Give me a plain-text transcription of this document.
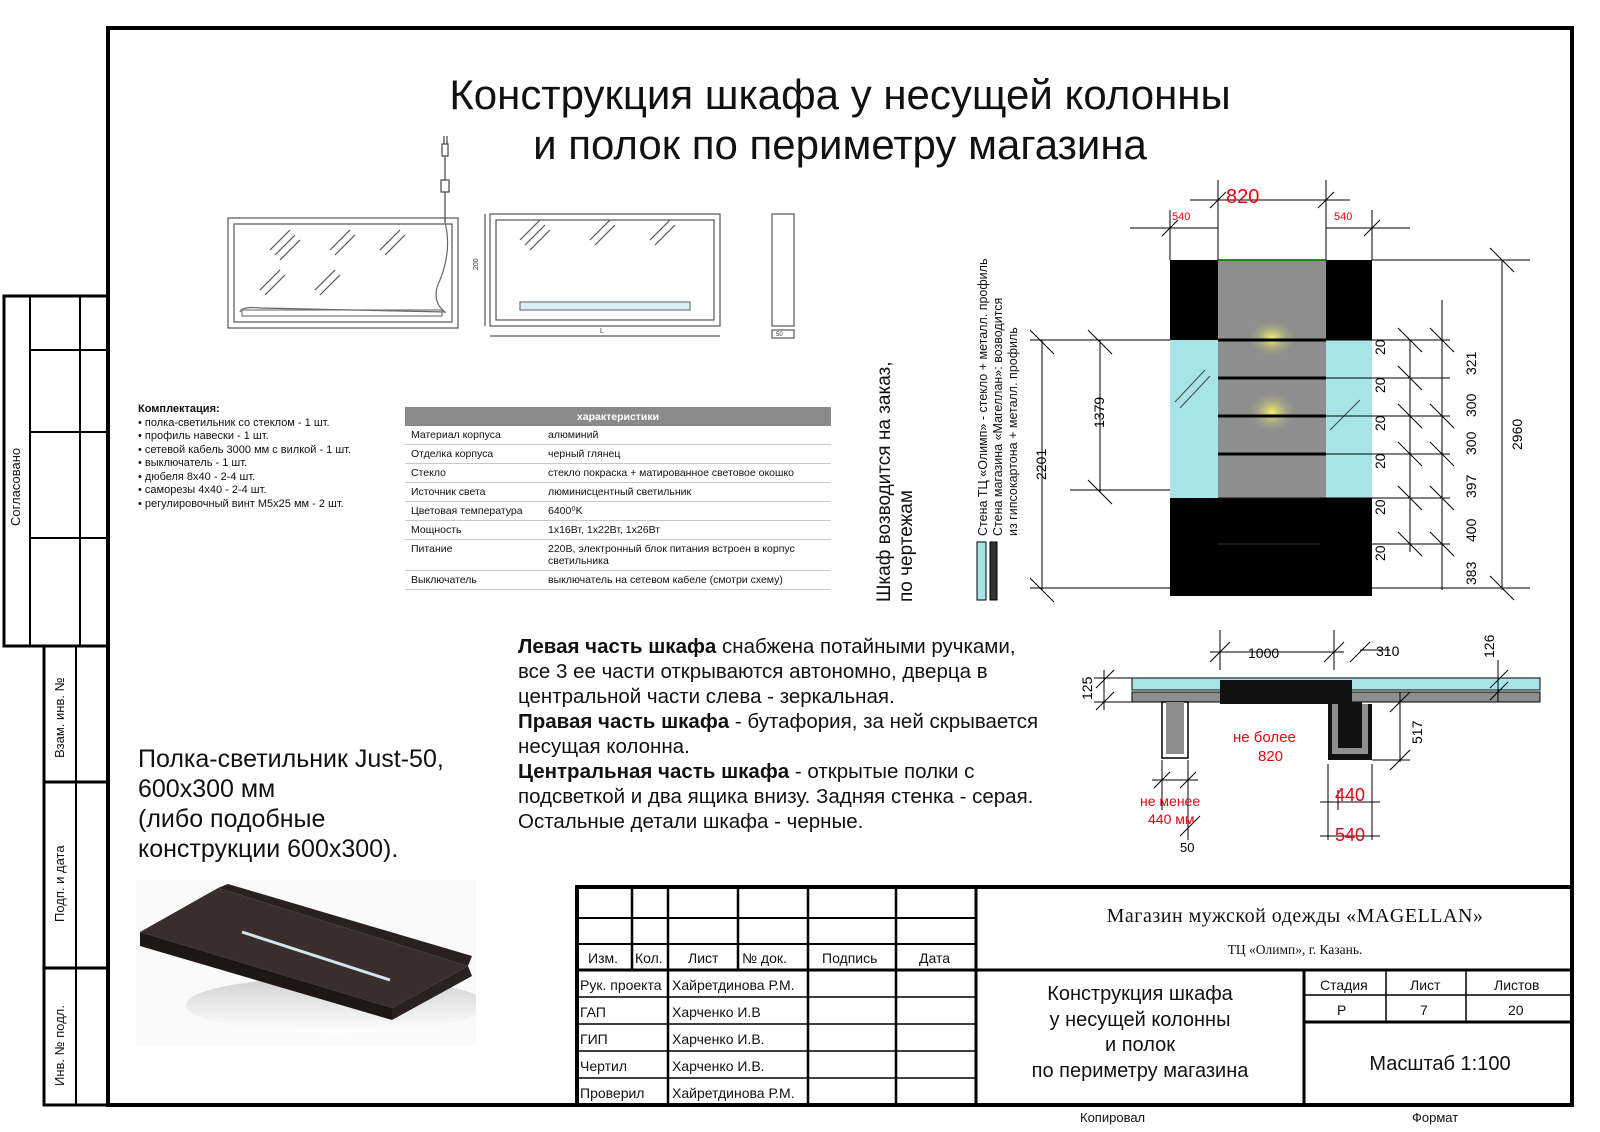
Конструкция шкафа у несущей колонны
и полок по периметру магазина
200
L	50
Комплектация:
• полка-светильник со стеклом - 1 шт.
• профиль навески - 1 шт.
• сетевой кабель 3000 мм с вилкой - 1 шт.
• выключатель - 1 шт.
• дюбеля 8x40 - 2-4 шт.
• саморезы 4x40 - 2-4 шт.
• регулировочный винт М5x25 мм - 2 шт.
характеристики	
Материал корпуса	алюминий
Отделка корпуса	черный глянец
Стекло	стекло покраска + матированное световое окошко
Источник света	люминисцентный светильник
Цветовая температура	6400⁰K
Мощность	1x16Вт, 1x22Вт, 1x26Вт
Питание	220В, электронный блок питания встроен в корпус светильника
Выключатель	выключатель на сетевом кабеле (смотри схему)	Шкаф возводится на заказ, по чертежам
Стена ТЦ «Олимп» - стекло + металл. профиль Стена магазина «Магеллан»: возводится из гипсокартона + металл. профиль
820
540	540
2201
1379
20
20
20
20
20
20
321
300
300
397
400
383
2960
1000	310
125
126
517
не более
820
не менее
440 мм
440
540
50
Левая часть шкафа снабжена потайными ручками, все 3 ее части открываются автономно, дверца в центральной части слева - зеркальная.
Правая часть шкафа - бутафория, за ней скрывается несущая колонна.
Центральная часть шкафа - открытые полки с подсветкой и два ящика внизу. Задняя стенка - серая. Остальные детали шкафа - черные.
Полка-светильник Just-50,
600x300 мм
(либо подобные
конструкции 600x300).
Согласовано
Взам. инв. №
Подп. и дата
Инв. № подл.
Изм. Кол. Лист № док.	Подпись	Дата
Рук. проекта Хайретдинова Р.М.
ГАП	Харченко И.В
ГИП	Харченко И.В.
Чертил	Харченко И.В.
Проверил Хайретдинова Р.М.
Магазин мужской одежды «MAGELLAN»
ТЦ «Олимп», г. Казань.
Конструкция шкафа
у несущей колонны
и полок
по периметру магазина
Стадия	Лист	Листов
Р	7	20
Масштаб 1:100
Копировал	Формат
